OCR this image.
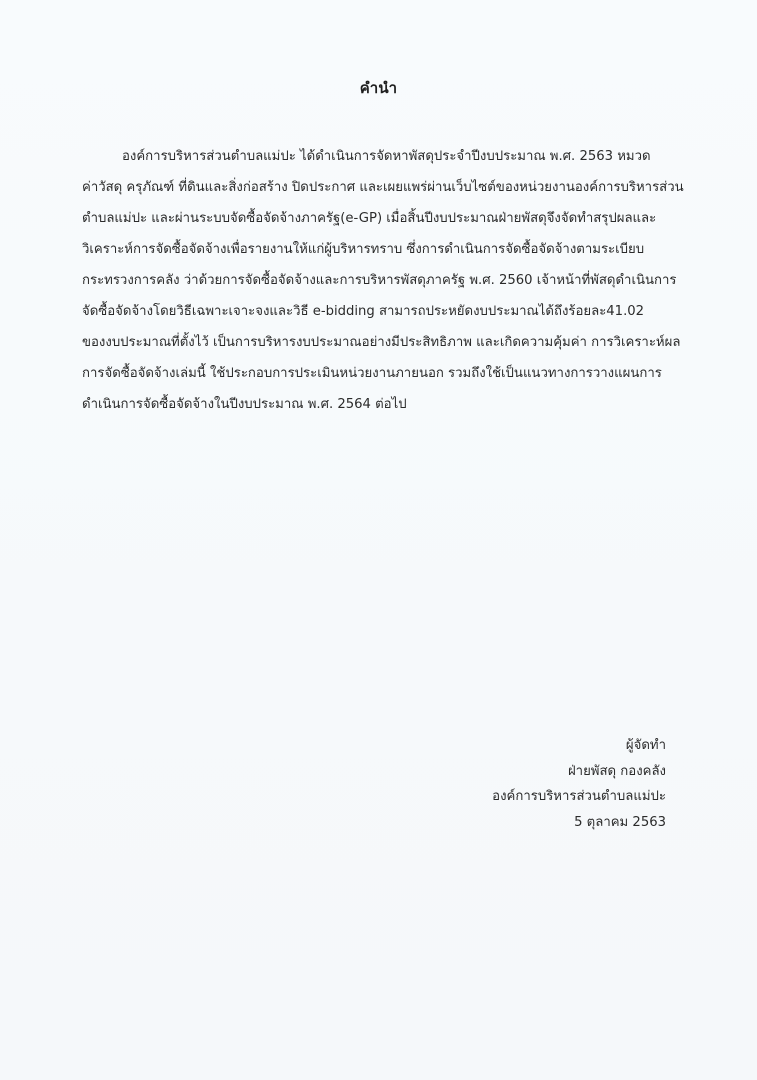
คำนำ
องค์การบริหารส่วนตำบลแม่ปะ ได้ดำเนินการจัดหาพัสดุประจำปีงบประมาณ พ.ศ. 2563 หมวด
ค่าวัสดุ ครุภัณฑ์ ที่ดินและสิ่งก่อสร้าง ปิดประกาศ และเผยแพร่ผ่านเว็บไซต์ของหน่วยงานองค์การบริหารส่วน
ตำบลแม่ปะ และผ่านระบบจัดซื้อจัดจ้างภาครัฐ(e-GP) เมื่อสิ้นปีงบประมาณฝ่ายพัสดุจึงจัดทำสรุปผลและ
วิเคราะห์การจัดซื้อจัดจ้างเพื่อรายงานให้แก่ผู้บริหารทราบ ซึ่งการดำเนินการจัดซื้อจัดจ้างตามระเบียบ
กระทรวงการคลัง ว่าด้วยการจัดซื้อจัดจ้างและการบริหารพัสดุภาครัฐ พ.ศ. 2560 เจ้าหน้าที่พัสดุดำเนินการ
จัดซื้อจัดจ้างโดยวิธีเฉพาะเจาะจงและวิธี e-bidding สามารถประหยัดงบประมาณได้ถึงร้อยละ41.02
ของงบประมาณที่ตั้งไว้ เป็นการบริหารงบประมาณอย่างมีประสิทธิภาพ และเกิดความคุ้มค่า การวิเคราะห์ผล
การจัดซื้อจัดจ้างเล่มนี้ ใช้ประกอบการประเมินหน่วยงานภายนอก รวมถึงใช้เป็นแนวทางการวางแผนการ
ดำเนินการจัดซื้อจัดจ้างในปีงบประมาณ พ.ศ. 2564 ต่อไป
ผู้จัดทำ
ฝ่ายพัสดุ กองคลัง
องค์การบริหารส่วนตำบลแม่ปะ
5 ตุลาคม 2563
